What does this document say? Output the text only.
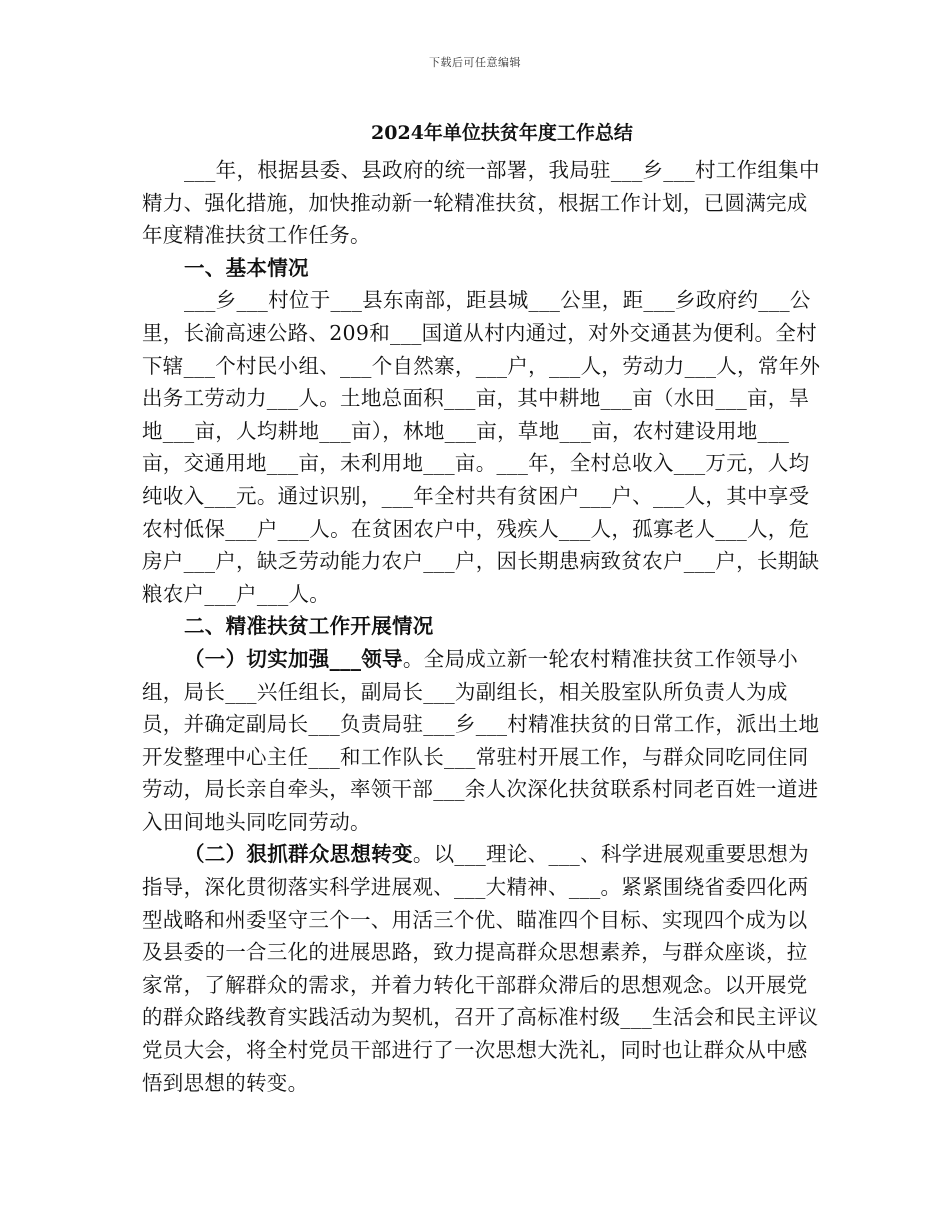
下载后可任意编辑
2024年单位扶贫年度工作总结

___年，根据县委、县政府的统一部署，我局驻___乡___村工作组集中精力、强化措施，加快推动新一轮精准扶贫，根据工作计划，已圆满完成年度精准扶贫工作任务。

一、基本情况

___乡___村位于___县东南部，距县城___公里，距___乡政府约___公里，长渝高速公路、209和___国道从村内通过，对外交通甚为便利。全村下辖___个村民小组、___个自然寨，___户，___人，劳动力___人，常年外出务工劳动力___人。土地总面积___亩，其中耕地___亩（水田___亩，旱地___亩，人均耕地___亩），林地___亩，草地___亩，农村建设用地___亩，交通用地___亩，未利用地___亩。___年，全村总收入___万元，人均纯收入___元。通过识别，___年全村共有贫困户___户、___人，其中享受农村低保___户___人。在贫困农户中，残疾人___人，孤寡老人___人，危房户___户，缺乏劳动能力农户___户，因长期患病致贫农户___户，长期缺粮农户___户___人。

二、精准扶贫工作开展情况

（一）切实加强___领导。全局成立新一轮农村精准扶贫工作领导小组，局长___兴任组长，副局长___为副组长，相关股室队所负责人为成员，并确定副局长___负责局驻___乡___村精准扶贫的日常工作，派出土地开发整理中心主任___和工作队长___常驻村开展工作，与群众同吃同住同劳动，局长亲自牵头，率领干部___余人次深化扶贫联系村同老百姓一道进入田间地头同吃同劳动。

（二）狠抓群众思想转变。以___理论、___、科学进展观重要思想为指导，深化贯彻落实科学进展观、___大精神、___。紧紧围绕省委四化两型战略和州委坚守三个一、用活三个优、瞄准四个目标、实现四个成为以及县委的一合三化的进展思路，致力提高群众思想素养，与群众座谈，拉家常，了解群众的需求，并着力转化干部群众滞后的思想观念。以开展党的群众路线教育实践活动为契机，召开了高标准村级___生活会和民主评议党员大会，将全村党员干部进行了一次思想大洗礼，同时也让群众从中感悟到思想的转变。
